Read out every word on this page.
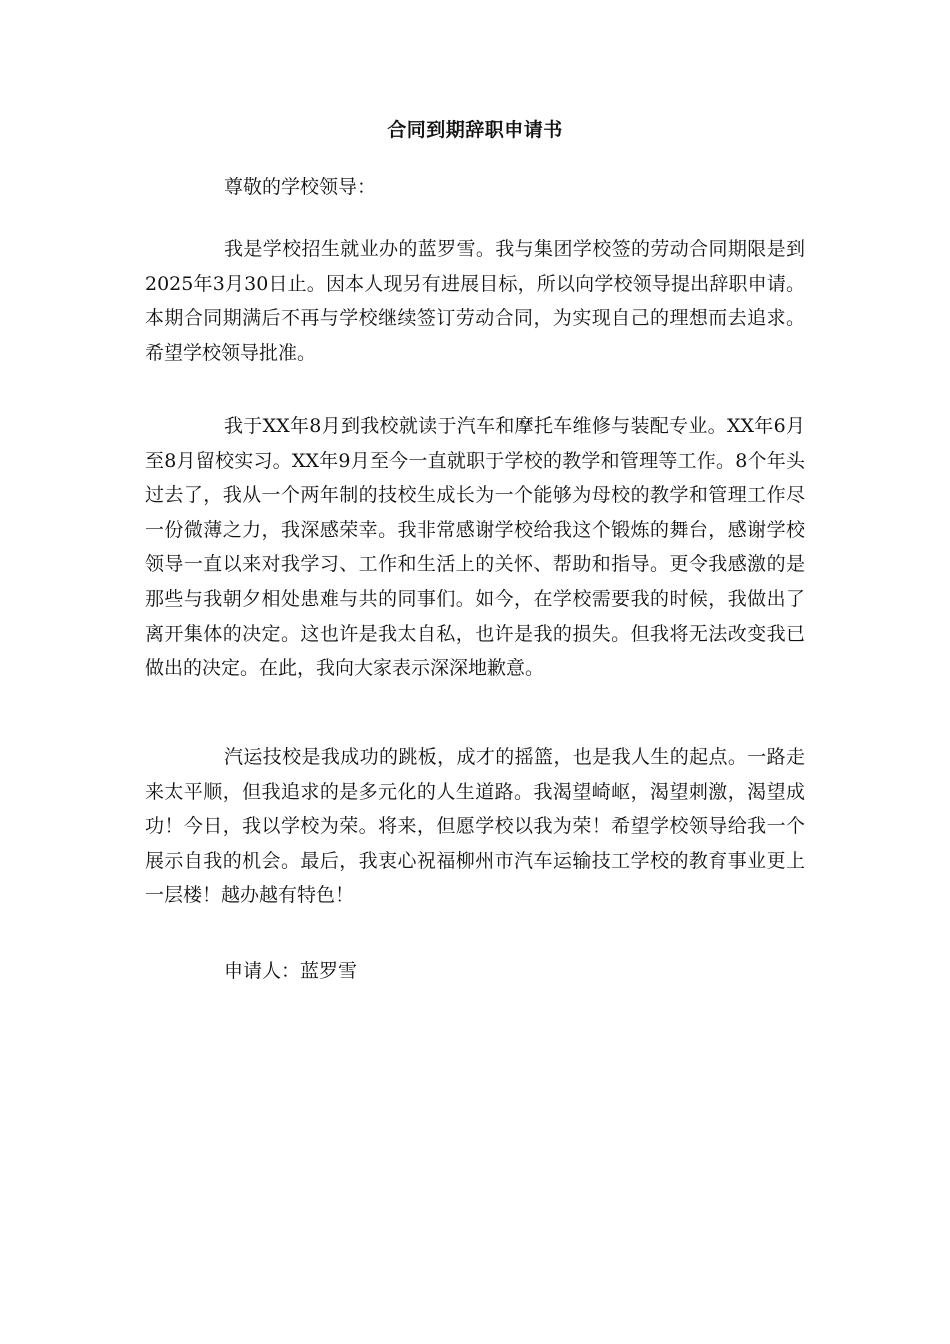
合同到期辞职申请书

尊敬的学校领导：

我是学校招生就业办的蓝罗雪。我与集团学校签的劳动合同期限是到2025年3月30日止。因本人现另有进展目标，所以向学校领导提出辞职申请。本期合同期满后不再与学校继续签订劳动合同，为实现自己的理想而去追求。希望学校领导批准。

我于XX年8月到我校就读于汽车和摩托车维修与装配专业。XX年6月至8月留校实习。XX年9月至今一直就职于学校的教学和管理等工作。8个年头过去了，我从一个两年制的技校生成长为一个能够为母校的教学和管理工作尽一份微薄之力，我深感荣幸。我非常感谢学校给我这个锻炼的舞台，感谢学校领导一直以来对我学习、工作和生活上的关怀、帮助和指导。更令我感激的是那些与我朝夕相处患难与共的同事们。如今，在学校需要我的时候，我做出了离开集体的决定。这也许是我太自私，也许是我的损失。但我将无法改变我已做出的决定。在此，我向大家表示深深地歉意。

汽运技校是我成功的跳板，成才的摇篮，也是我人生的起点。一路走来太平顺，但我追求的是多元化的人生道路。我渴望崎岖，渴望刺激，渴望成功！今日，我以学校为荣。将来，但愿学校以我为荣！希望学校领导给我一个展示自我的机会。最后，我衷心祝福柳州市汽车运输技工学校的教育事业更上一层楼！越办越有特色！

申请人：蓝罗雪
